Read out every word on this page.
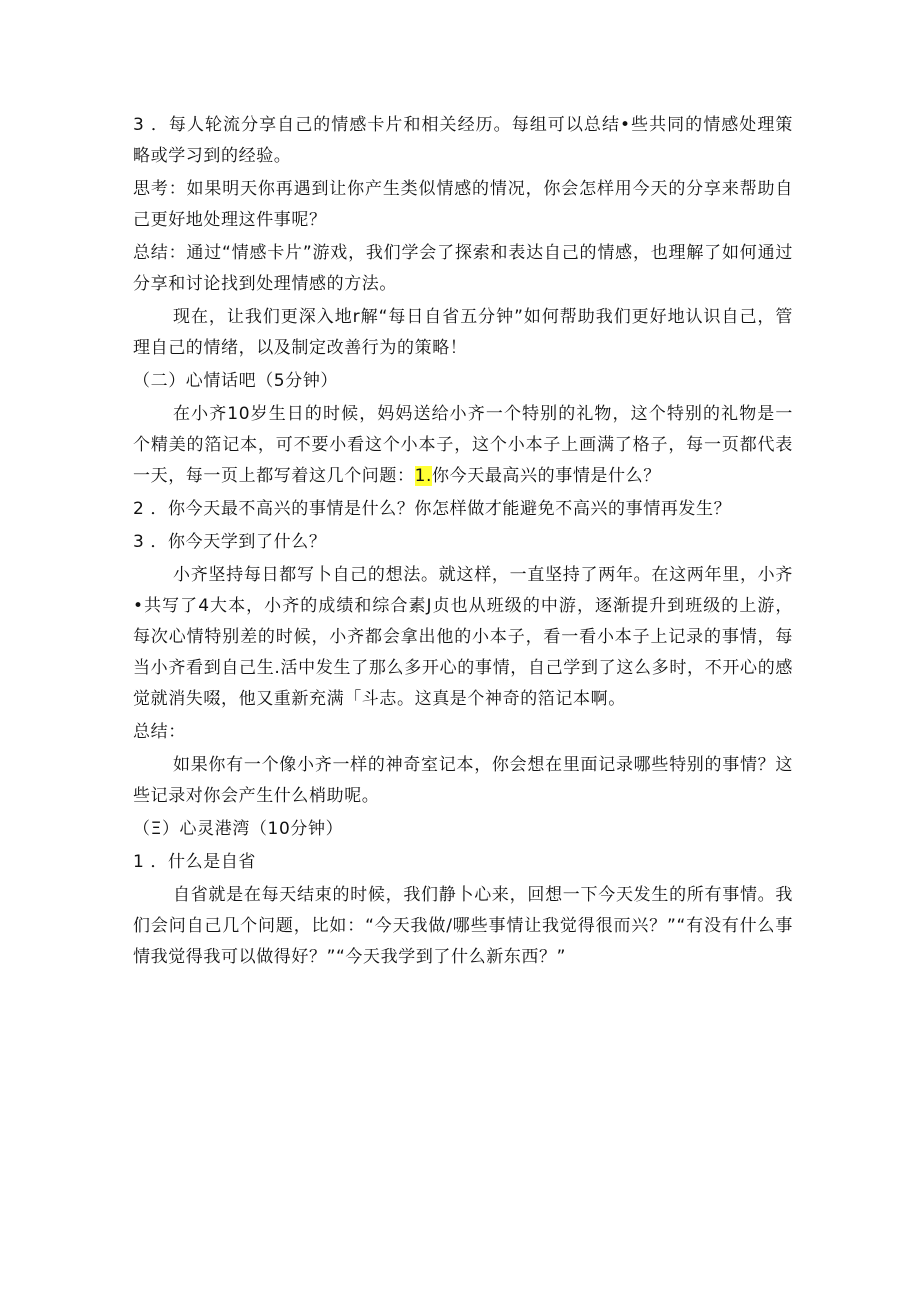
3 ．每人轮流分享自己的情感卡片和相关经历。每组可以总结•些共同的情感处理策略或学习到的经验。

思考：如果明天你再遇到让你产生类似情感的情况，你会怎样用今天的分享来帮助自己更好地处理这件事呢？

总结：通过“情感卡片”游戏，我们学会了探索和表达自己的情感，也理解了如何通过分享和讨论找到处理情感的方法。

现在，让我们更深入地r解“每日自省五分钟”如何帮助我们更好地认识自己，管理自己的情绪，以及制定改善行为的策略！

（二）心情话吧（5分钟）

在小齐10岁生日的时候，妈妈送给小齐一个特别的礼物，这个特别的礼物是一个精美的箔记本，可不要小看这个小本子，这个小本子上画满了格子，每一页都代表一天，每一页上都写着这几个问题：1.你今天最高兴的事情是什么？

2 ．你今天最不高兴的事情是什么？你怎样做才能避免不高兴的事情再发生？

3 ．你今天学到了什么？

小齐坚持每日都写卜自己的想法。就这样，一直坚持了两年。在这两年里，小齐•共写了4大本，小齐的成绩和综合素J贞也从班级的中游，逐渐提升到班级的上游，每次心情特别差的时候，小齐都会拿出他的小本子，看一看小本子上记录的事情，每当小齐看到自己生.活中发生了那么多开心的事情，自己学到了这么多时，不开心的感觉就消失啜，他又重新充满「斗志。这真是个神奇的箔记本啊。

总结：

如果你有一个像小齐一样的神奇室记本，你会想在里面记录哪些特别的事情？这些记录对你会产生什么梢助呢。

（Ξ）心灵港湾（10分钟）

1 ．什么是自省

自省就是在每天结束的时候，我们静卜心来，回想一下今天发生的所有事情。我们会问自己几个问题，比如：“今天我做/哪些事情让我觉得很而兴？”“有没有什么事情我觉得我可以做得好？”“今天我学到了什么新东西？”
